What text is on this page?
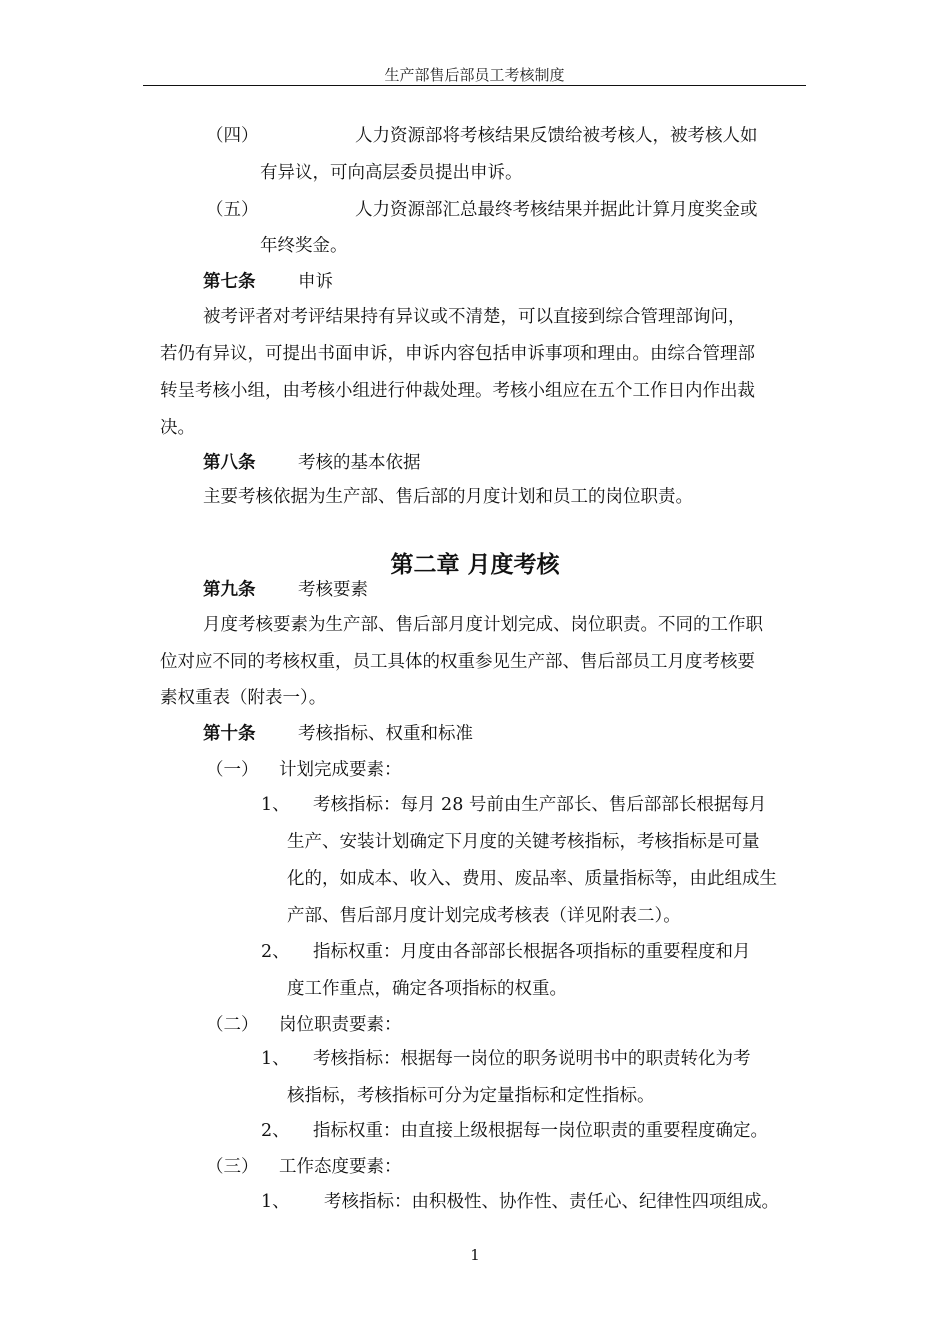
生产部售后部员工考核制度
（四）	人力资源部将考核结果反馈给被考核人，被考核人如
有异议，可向高层委员提出申诉。
（五）	人力资源部汇总最终考核结果并据此计算月度奖金或
年终奖金。
第七条 申诉
被考评者对考评结果持有异议或不清楚，可以直接到综合管理部询问，
若仍有异议，可提出书面申诉，申诉内容包括申诉事项和理由。由综合管理部
转呈考核小组，由考核小组进行仲裁处理。考核小组应在五个工作日内作出裁
决。
第八条 考核的基本依据
主要考核依据为生产部、售后部的月度计划和员工的岗位职责。
第二章 月度考核
第九条 考核要素
月度考核要素为生产部、售后部月度计划完成、岗位职责。不同的工作职
位对应不同的考核权重，员工具体的权重参见生产部、售后部员工月度考核要
素权重表（附表一）。
第十条 考核指标、权重和标准
（一） 计划完成要素：
1、 考核指标：每月 28 号前由生产部长、售后部部长根据每月
生产、安装计划确定下月度的关键考核指标，考核指标是可量
化的，如成本、收入、费用、废品率、质量指标等，由此组成生
产部、售后部月度计划完成考核表（详见附表二）。
2、 指标权重：月度由各部部长根据各项指标的重要程度和月
度工作重点，确定各项指标的权重。
（二） 岗位职责要素：
1、 考核指标：根据每一岗位的职务说明书中的职责转化为考
核指标，考核指标可分为定量指标和定性指标。
2、 指标权重：由直接上级根据每一岗位职责的重要程度确定。
（三） 工作态度要素：
1、 考核指标：由积极性、协作性、责任心、纪律性四项组成。
1
